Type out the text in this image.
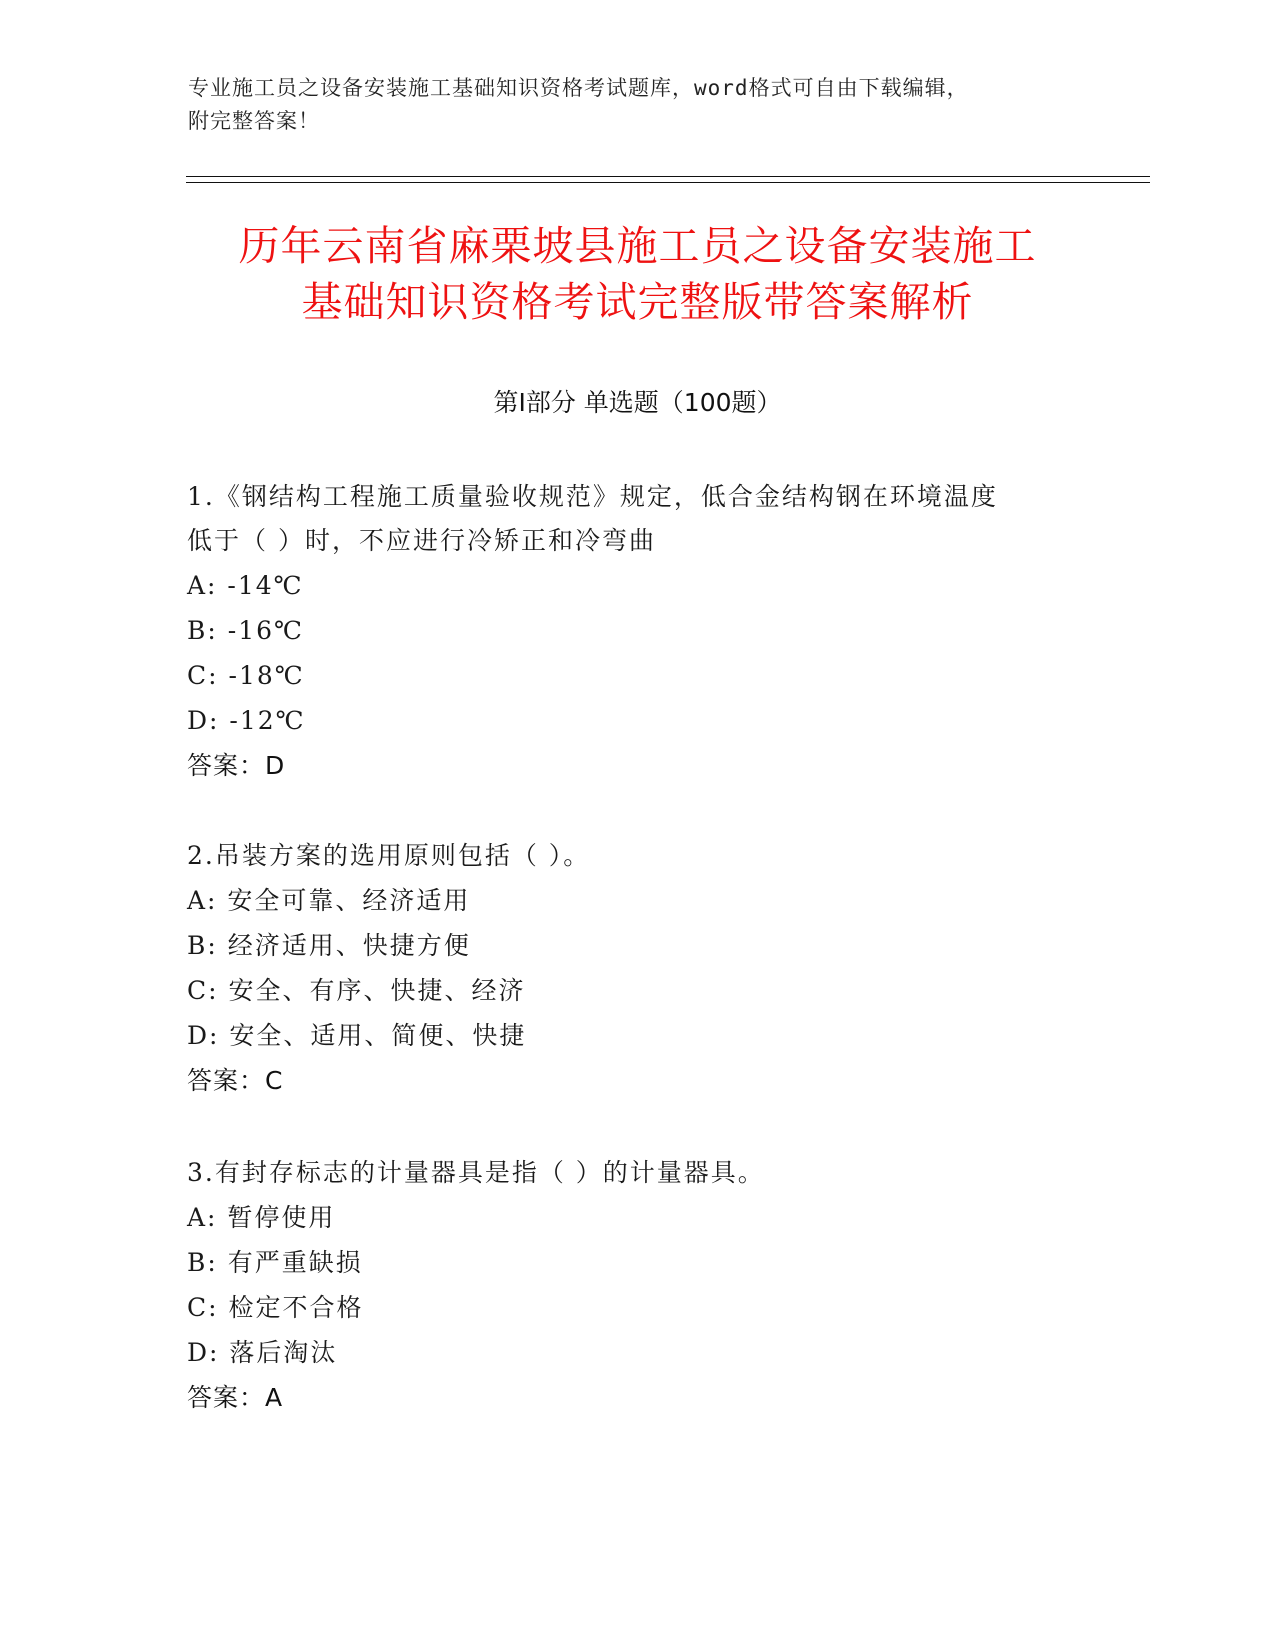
专业施工员之设备安装施工基础知识资格考试题库，word格式可自由下载编辑，
附完整答案！
历年云南省麻栗坡县施工员之设备安装施工
基础知识资格考试完整版带答案解析
第Ⅰ部分 单选题（100题）
1.《钢结构工程施工质量验收规范》规定，低合金结构钢在环境温度
低于（ ）时，不应进行冷矫正和冷弯曲
A: -14℃
B: -16℃
C: -18℃
D: -12℃
答案：D
2.吊装方案的选用原则包括（ ）。
A: 安全可靠、经济适用
B: 经济适用、快捷方便
C: 安全、有序、快捷、经济
D: 安全、适用、简便、快捷
答案：C
3.有封存标志的计量器具是指（ ）的计量器具。
A: 暂停使用
B: 有严重缺损
C: 检定不合格
D: 落后淘汰
答案：A
